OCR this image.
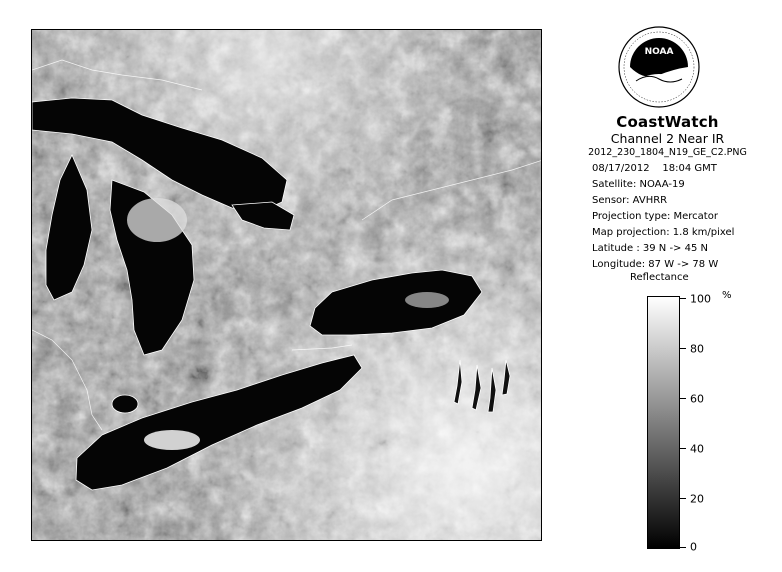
NOAA
CoastWatch
Channel 2 Near IR
2012_230_1804_N19_GE_C2.PNG
08/17/2012 18:04 GMT
Satellite: NOAA-19
Sensor: AVHRR
Projection type: Mercator
Map projection: 1.8 km/pixel
Latitude : 39 N -> 45 N
Longitude: 87 W -> 78 W
Reflectance
%
100
80
60
40
20
0
